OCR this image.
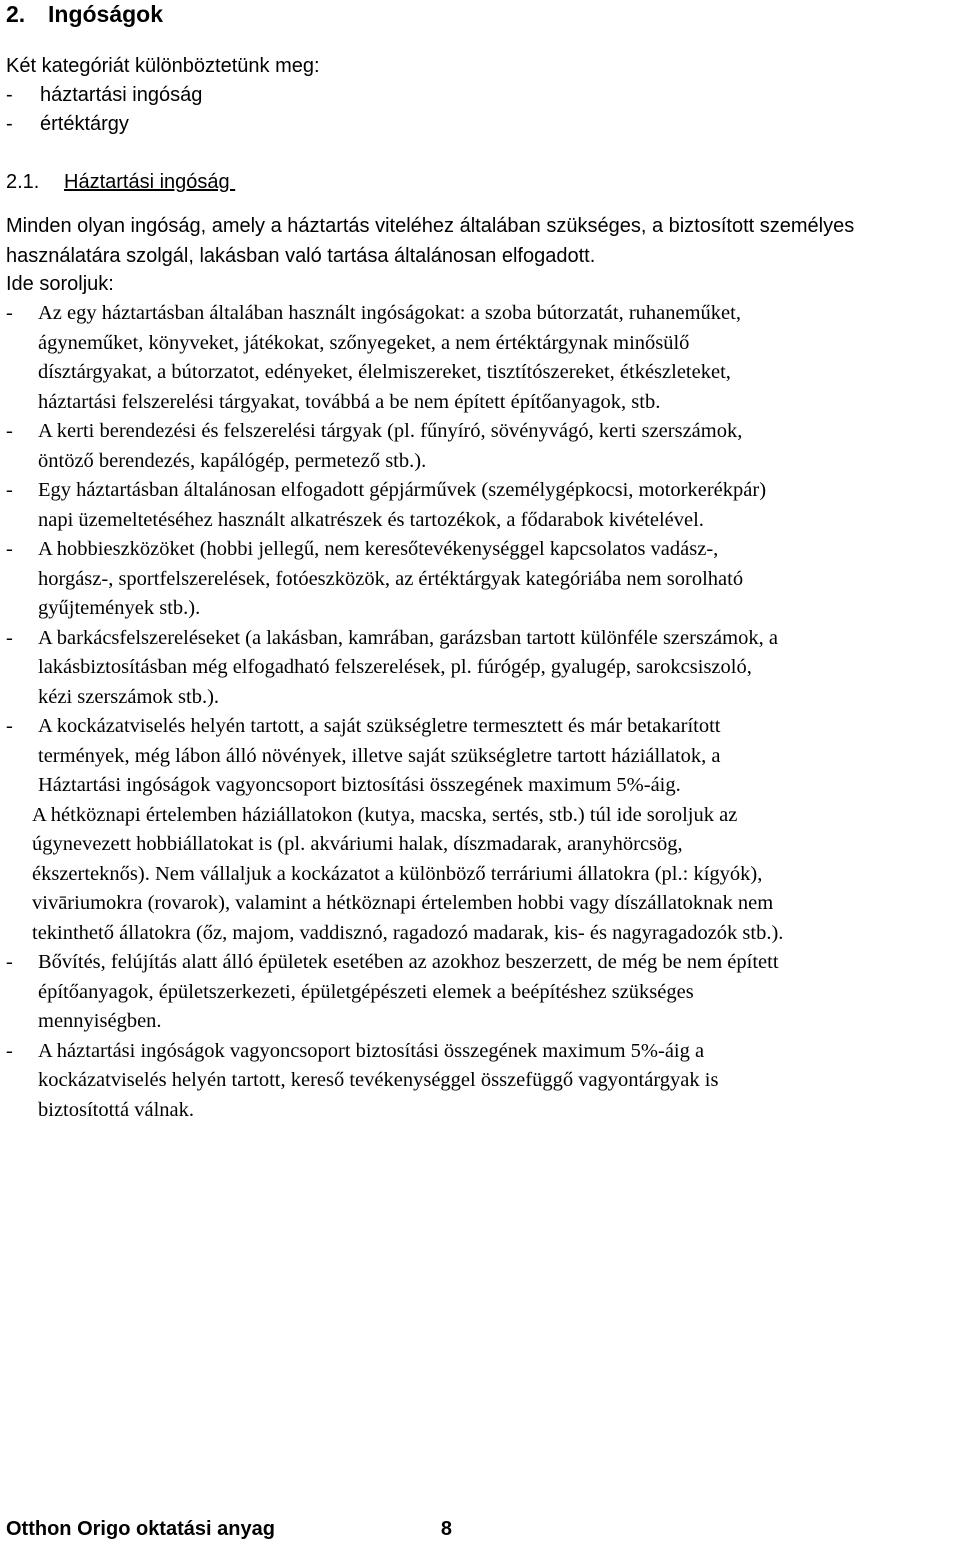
2. Ingóságok
Két kategóriát különböztetünk meg:
- háztartási ingóság
- értéktárgy
2.1. Háztartási ingóság
Minden olyan ingóság, amely a háztartás viteléhez általában szükséges, a biztosított személyes
használatára szolgál, lakásban való tartása általánosan elfogadott.
Ide soroljuk:
- Az egy háztartásban általában használt ingóságokat: a szoba bútorzatát, ruhaneműket,
ágyneműket, könyveket, játékokat, szőnyegeket, a nem értéktárgynak minősülő
dísztárgyakat, a bútorzatot, edényeket, élelmiszereket, tisztítószereket, étkészleteket,
háztartási felszerelési tárgyakat, továbbá a be nem épített építőanyagok, stb.
- A kerti berendezési és felszerelési tárgyak (pl. fűnyíró, sövényvágó, kerti szerszámok,
öntöző berendezés, kapálógép, permetező stb.).
- Egy háztartásban általánosan elfogadott gépjárművek (személygépkocsi, motorkerékpár)
napi üzemeltetéséhez használt alkatrészek és tartozékok, a fődarabok kivételével.
- A hobbieszközöket (hobbi jellegű, nem keresőtevékenységgel kapcsolatos vadász-,
horgász-, sportfelszerelések, fotóeszközök, az értéktárgyak kategóriába nem sorolható
gyűjtemények stb.).
- A barkácsfelszereléseket (a lakásban, kamrában, garázsban tartott különféle szerszámok, a
lakásbiztosításban még elfogadható felszerelések, pl. fúrógép, gyalugép, sarokcsiszoló,
kézi szerszámok stb.).
- A kockázatviselés helyén tartott, a saját szükségletre termesztett és már betakarított
termények, még lábon álló növények, illetve saját szükségletre tartott háziállatok, a
Háztartási ingóságok vagyoncsoport biztosítási összegének maximum 5%-áig.
A hétköznapi értelemben háziállatokon (kutya, macska, sertés, stb.) túl ide soroljuk az
úgynevezett hobbiállatokat is (pl. akváriumi halak, díszmadarak, aranyhörcsög,
ékszerteknős). Nem vállaljuk a kockázatot a különböző terráriumi állatokra (pl.: kígyók),
vivāriumokra (rovarok), valamint a hétköznapi értelemben hobbi vagy díszállatoknak nem
tekinthető állatokra (őz, majom, vaddisznó, ragadozó madarak, kis- és nagyragadozók stb.).
- Bővítés, felújítás alatt álló épületek esetében az azokhoz beszerzett, de még be nem épített
építőanyagok, épületszerkezeti, épületgépészeti elemek a beépítéshez szükséges
mennyiségben.
- A háztartási ingóságok vagyoncsoport biztosítási összegének maximum 5%-áig a
kockázatviselés helyén tartott, kereső tevékenységgel összefüggő vagyontárgyak is
biztosítottá válnak.
Otthon Origo oktatási anyag	8
